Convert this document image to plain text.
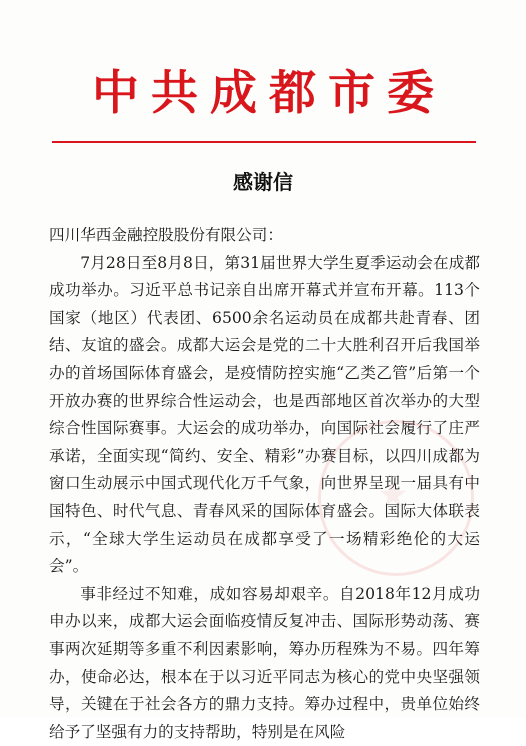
中共成都市委
感谢信

四川华西金融控股股份有限公司：

7月28日至8月8日，第31届世界大学生夏季运动会在成都成功举办。习近平总书记亲自出席开幕式并宣布开幕。113个国家（地区）代表团、6500余名运动员在成都共赴青春、团结、友谊的盛会。成都大运会是党的二十大胜利召开后我国举办的首场国际体育盛会，是疫情防控实施“乙类乙管”后第一个开放办赛的世界综合性运动会，也是西部地区首次举办的大型综合性国际赛事。大运会的成功举办，向国际社会履行了庄严承诺，全面实现“简约、安全、精彩”办赛目标，以四川成都为窗口生动展示中国式现代化万千气象，向世界呈现一届具有中国特色、时代气息、青春风采的国际体育盛会。国际大体联表示，“全球大学生运动员在成都享受了一场精彩绝伦的大运会”。

事非经过不知难，成如容易却艰辛。自2018年12月成功申办以来，成都大运会面临疫情反复冲击、国际形势动荡、赛事两次延期等多重不利因素影响，筹办历程殊为不易。四年筹办，使命必达，根本在于以习近平同志为核心的党中央坚强领导，关键在于社会各方的鼎力支持。筹办过程中，贵单位始终给予了坚强有力的支持帮助，特别是在风险
